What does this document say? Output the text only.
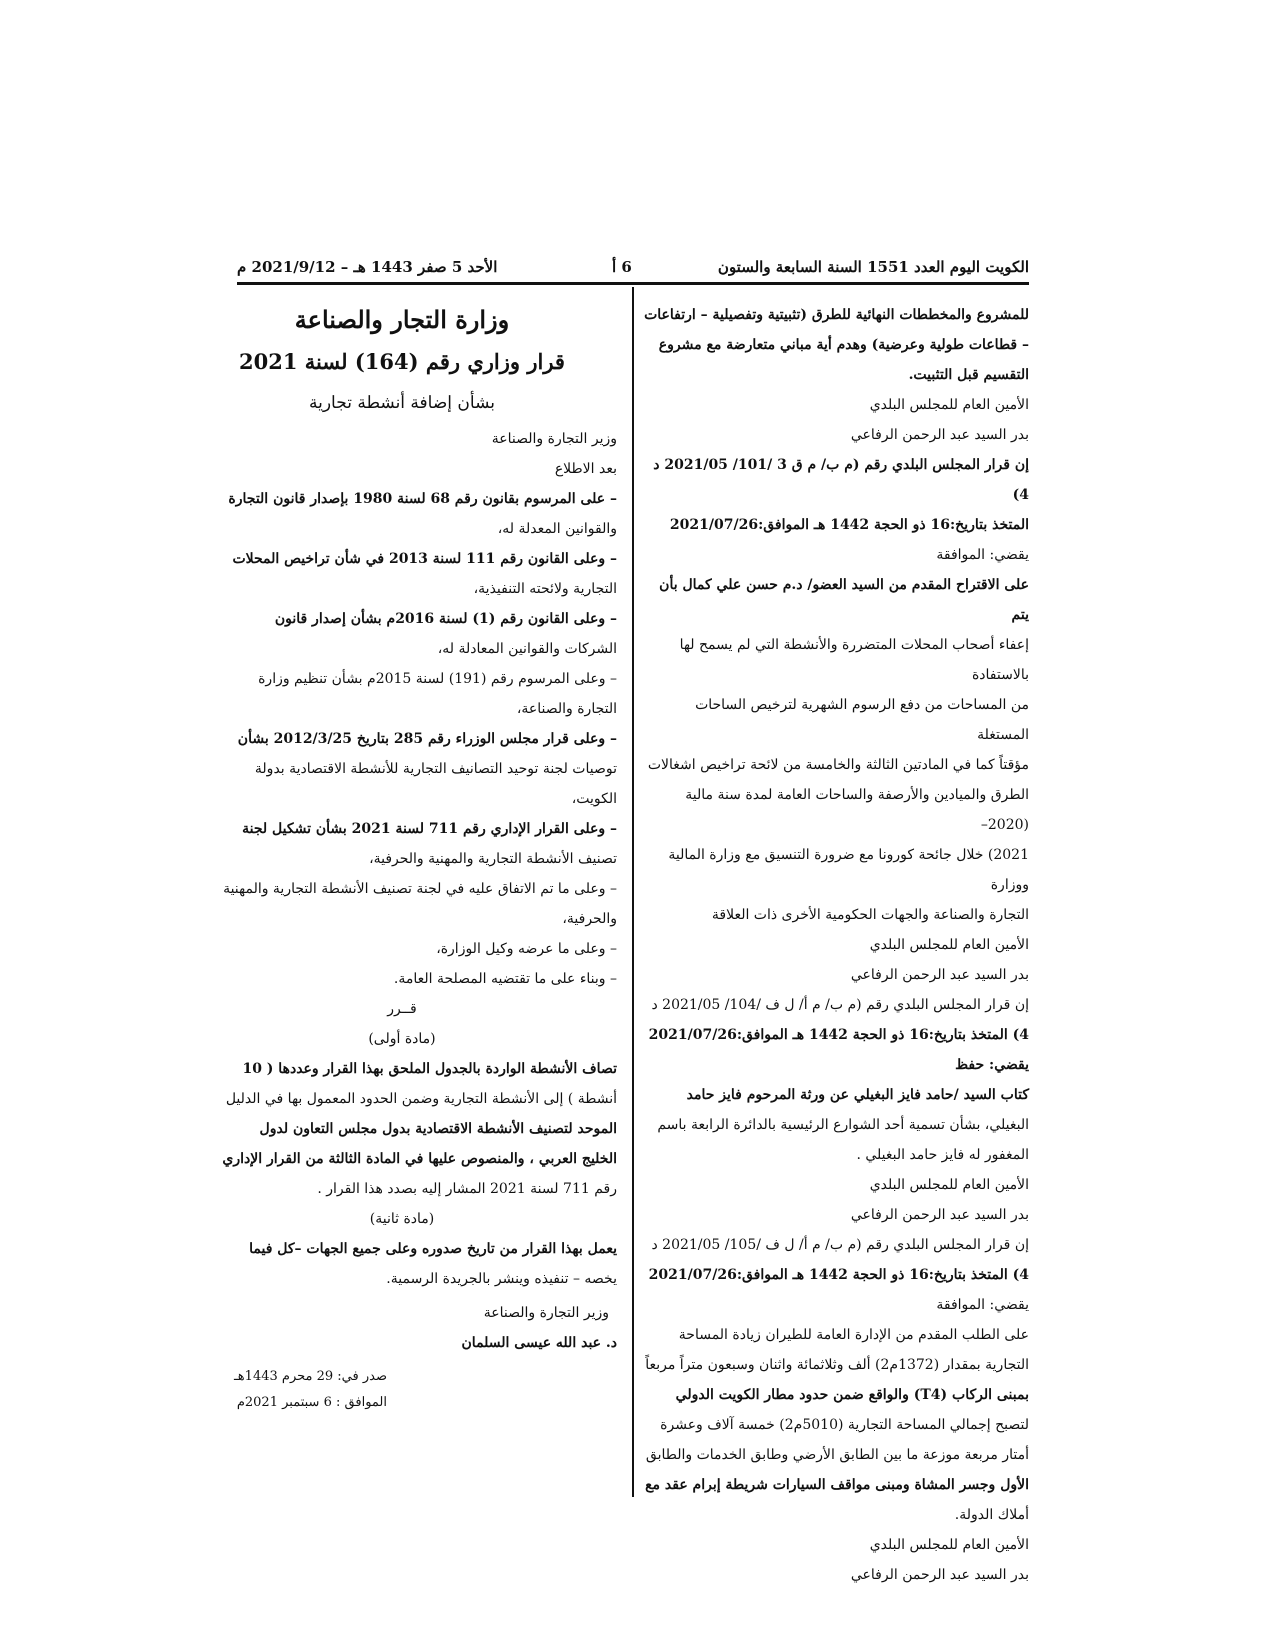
الكويت اليوم العدد 1551 السنة السابعة والستون
6 أ
الأحد 5 صفر 1443 هـ – 2021/9/12 م

للمشروع والمخططات النهائية للطرق (تثبيتية وتفصيلية – ارتفاعات

– قطاعات طولية وعرضية) وهدم أية مباني متعارضة مع مشروع

التقسيم قبل التثبيت.

الأمين العام للمجلس البلدي

بدر السيد عبد الرحمن الرفاعي

إن قرار المجلس البلدي رقم (م ب/ م ق 3 /101/ 2021/05 د 4)

المتخذ بتاريخ:16 ذو الحجة 1442 هـ الموافق:2021/07/26

يقضي: الموافقة

على الاقتراح المقدم من السيد العضو/ د.م حسن علي كمال بأن يتم

إعفاء أصحاب المحلات المتضررة والأنشطة التي لم يسمح لها بالاستفادة

من المساحات من دفع الرسوم الشهرية لترخيص الساحات المستغلة

مؤقتاً كما في المادتين الثالثة والخامسة من لائحة تراخيص اشغالات

الطرق والميادين والأرصفة والساحات العامة لمدة سنة مالية (2020–

2021) خلال جائحة كورونا مع ضرورة التنسيق مع وزارة المالية ووزارة

التجارة والصناعة والجهات الحكومية الأخرى ذات العلاقة

الأمين العام للمجلس البلدي

بدر السيد عبد الرحمن الرفاعي

إن قرار المجلس البلدي رقم (م ب/ م أ/ ل ف /104/ 2021/05 د

4) المتخذ بتاريخ:16 ذو الحجة 1442 هـ الموافق:2021/07/26

يقضي: حفظ

كتاب السيد /حامد فايز البغيلي عن ورثة المرحوم فايز حامد

البغيلي، بشأن تسمية أحد الشوارع الرئيسية بالدائرة الرابعة باسم

المغفور له فايز حامد البغيلي .

الأمين العام للمجلس البلدي

بدر السيد عبد الرحمن الرفاعي

إن قرار المجلس البلدي رقم (م ب/ م أ/ ل ف /105/ 2021/05 د

4) المتخذ بتاريخ:16 ذو الحجة 1442 هـ الموافق:2021/07/26

يقضي: الموافقة

على الطلب المقدم من الإدارة العامة للطيران زيادة المساحة

التجارية بمقدار (1372م2) ألف وثلاثمائة واثنان وسبعون متراً مربعاً

بمبنى الركاب (T4) والواقع ضمن حدود مطار الكويت الدولي

لتصبح إجمالي المساحة التجارية (5010م2) خمسة آلاف وعشرة

أمتار مربعة موزعة ما بين الطابق الأرضي وطابق الخدمات والطابق

الأول وجسر المشاة ومبنى مواقف السيارات شريطة إبرام عقد مع

أملاك الدولة.

الأمين العام للمجلس البلدي

بدر السيد عبد الرحمن الرفاعي

وزارة التجار والصناعة
قرار وزاري رقم (164) لسنة 2021
بشأن إضافة أنشطة تجارية

وزير التجارة والصناعة

بعد الاطلاع

– على المرسوم بقانون رقم 68 لسنة 1980 بإصدار قانون التجارة

والقوانين المعدلة له،

– وعلى القانون رقم 111 لسنة 2013 في شأن تراخيص المحلات

التجارية ولائحته التنفيذية،

– وعلى القانون رقم (1) لسنة 2016م بشأن إصدار قانون

الشركات والقوانين المعادلة له،

– وعلى المرسوم رقم (191) لسنة 2015م بشأن تنظيم وزارة

التجارة والصناعة،

– وعلى قرار مجلس الوزراء رقم 285 بتاريخ 2012/3/25 بشأن

توصيات لجنة توحيد التصانيف التجارية للأنشطة الاقتصادية بدولة

الكويت،

– وعلى القرار الإداري رقم 711 لسنة 2021 بشأن تشكيل لجنة

تصنيف الأنشطة التجارية والمهنية والحرفية،

– وعلى ما تم الاتفاق عليه في لجنة تصنيف الأنشطة التجارية والمهنية

والحرفية،

– وعلى ما عرضه وكيل الوزارة،

– وبناء على ما تقتضيه المصلحة العامة.

قــرر

(مادة أولى)

تصاف الأنشطة الواردة بالجدول الملحق بهذا القرار وعددها ( 10

أنشطة ) إلى الأنشطة التجارية وضمن الحدود المعمول بها في الدليل

الموحد لتصنيف الأنشطة الاقتصادية بدول مجلس التعاون لدول

الخليج العربي ، والمنصوص عليها في المادة الثالثة من القرار الإداري

رقم 711 لسنة 2021 المشار إليه بصدد هذا القرار .

(مادة ثانية)

يعمل بهذا القرار من تاريخ صدوره وعلى جميع الجهات –كل فيما

يخصه – تنفيذه وينشر بالجريدة الرسمية.

وزير التجارة والصناعة

د. عبد الله عيسى السلمان

صدر في: 29 محرم 1443هـ

الموافق : 6 سبتمبر 2021م
